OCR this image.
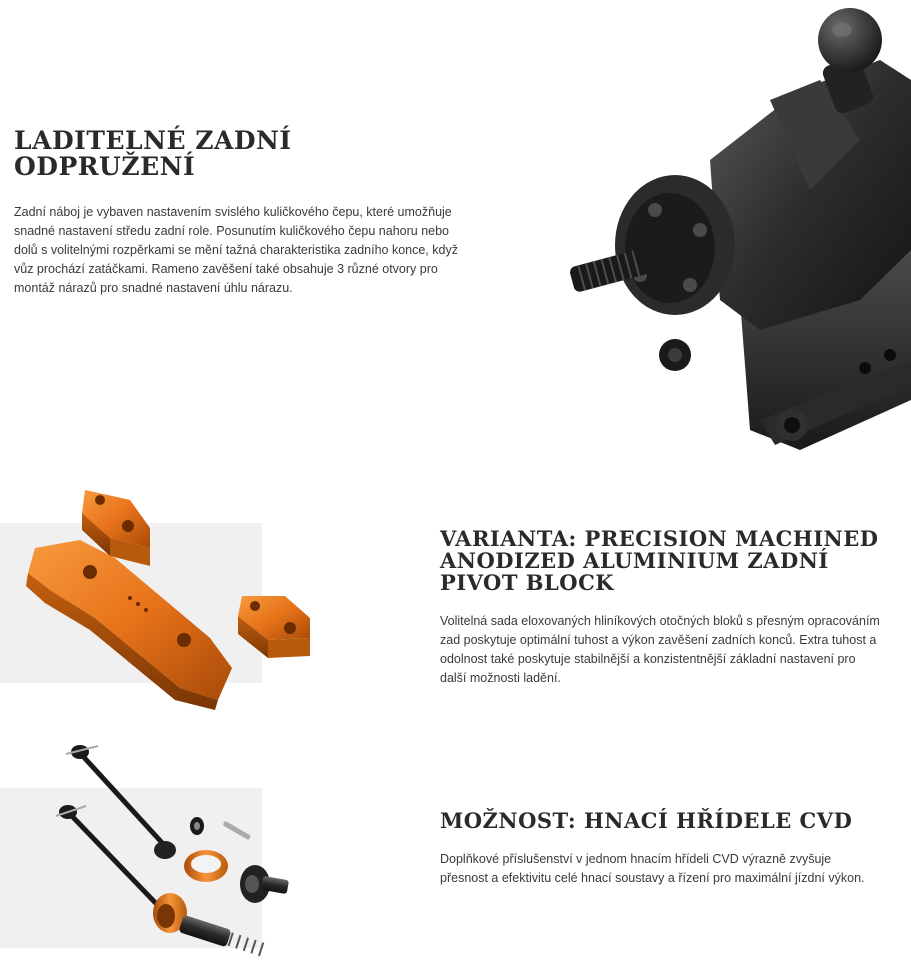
LADITELNÉ ZADNÍ ODPRUŽENÍ

Zadní náboj je vybaven nastavením svislého kuličkového čepu, které umožňuje snadné nastavení středu zadní role. Posunutím kuličkového čepu nahoru nebo dolů s volitelnými rozpěrkami se mění tažná charakteristika zadního konce, když vůz prochází zatáčkami. Rameno zavěšení také obsahuje 3 různé otvory pro montáž nárazů pro snadné nastavení úhlu nárazu.

VARIANTA: PRECISION MACHINED ANODIZED ALUMINIUM ZADNÍ PIVOT BLOCK

Volitelná sada eloxovaných hliníkových otočných bloků s přesným opracováním zad poskytuje optimální tuhost a výkon zavěšení zadních konců. Extra tuhost a odolnost také poskytuje stabilnější a konzistentnější základní nastavení pro další možnosti ladění.

MOŽNOST: HNACÍ HŘÍDELE CVD

Doplňkové příslušenství v jednom hnacím hřídeli CVD výrazně zvyšuje přesnost a efektivitu celé hnací soustavy a řízení pro maximální jízdní výkon.
